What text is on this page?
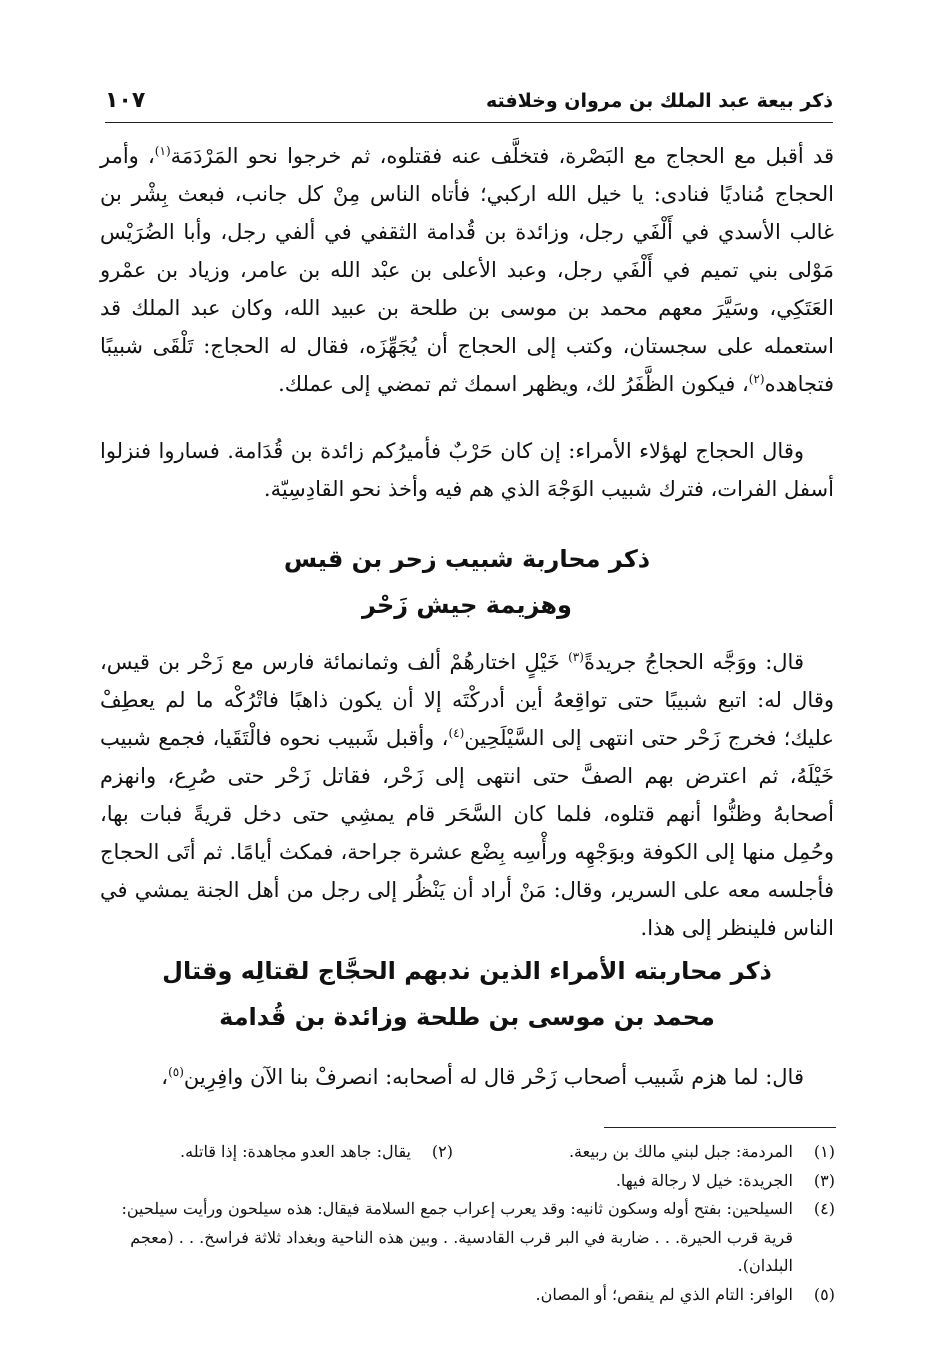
ذكر بيعة عبد الملك بن مروان وخلافته
١٠٧

قد أقبل مع الحجاج مع البَصْرة، فتخلَّف عنه فقتلوه، ثم خرجوا نحو المَرْدَمَة$^{(١)}$، وأمر الحجاج مُناديًا فنادى: يا خيل الله اركبي؛ فأتاه الناس مِنْ كل جانب، فبعث بِشْر بن غالب الأسدي في أَلْفَي رجل، وزائدة بن قُدامة الثقفي في ألفي رجل، وأبا الضُرَيْس مَوْلى بني تميم في أَلْفَي رجل، وعبد الأعلى بن عبْد الله بن عامر، وزياد بن عمْرو العَتَكِي، وسَيَّرَ معهم محمد بن موسى بن طلحة بن عبيد الله، وكان عبد الملك قد استعمله على سجستان، وكتب إلى الحجاج أن يُجَهِّزَه، فقال له الحجاج: تَلْقَى شبيبًا فتجاهده$^{(٢)}$، فيكون الظَّفَرُ لك، ويظهر اسمك ثم تمضي إلى عملك.

وقال الحجاج لهؤلاء الأمراء: إن كان حَرْبٌ فأميرُكم زائدة بن قُدَامة. فساروا فنزلوا أسفل الفرات، فترك شبيب الوَجْهَ الذي هم فيه وأخذ نحو القادِسِيّة.

ذكر محاربة شبيب زحر بن قيس
وهزيمة جيش زَحْر

قال: ووَجَّه الحجاجُ جريدةً$^{(٣)}$ خَيْلٍ اختارهُمْ ألف وثمانمائة فارس مع زَحْر بن قيس، وقال له: اتبع شبيبًا حتى تواقِعهُ أين أدركْتَه إلا أن يكون ذاهبًا فاتْرُكْه ما لم يعطِفْ عليك؛ فخرج زَحْر حتى انتهى إلى السَّيْلَحِين$^{(٤)}$، وأقبل شَبيب نحوه فالْتَقَيا، فجمع شبيب خَيْلَهُ، ثم اعترض بهم الصفَّ حتى انتهى إلى زَحْر، فقاتل زَحْر حتى صُرِع، وانهزم أصحابهُ وظنُّوا أنهم قتلوه، فلما كان السَّحَر قام يمشِي حتى دخل قريةً فبات بها، وحُمِل منها إلى الكوفة وبوَجْهِه ورأْسِه بِضْع عشرة جراحة، فمكث أيامًا. ثم أتَى الحجاج فأجلسه معه على السرير، وقال: مَنْ أراد أن يَنْظُر إلى رجل من أهل الجنة يمشي في الناس فلينظر إلى هذا.

ذكر محاربته الأمراء الذين ندبهم الحجَّاج لقتالِه وقتال
محمد بن موسى بن طلحة وزائدة بن قُدامة

قال: لما هزم شَبيب أصحاب زَحْر قال له أصحابه: انصرفْ بنا الآن وافِرِين$^{(٥)}$،

(١)
المردمة: جبل لبني مالك بن ربيعة.
(٢)
يقال: جاهد العدو مجاهدة: إذا قاتله.
(٣)
الجريدة: خيل لا رجالة فيها.
(٤)
السيلحين: بفتح أوله وسكون ثانيه: وقد يعرب إعراب جمع السلامة فيقال: هذه سيلحون ورأيت سيلحين: قرية قرب الحيرة. . . ضاربة في البر قرب القادسية. . وبين هذه الناحية وبغداد ثلاثة فراسخ. . . (معجم البلدان).
(٥)
الوافر: التام الذي لم ينقص؛ أو المصان.
